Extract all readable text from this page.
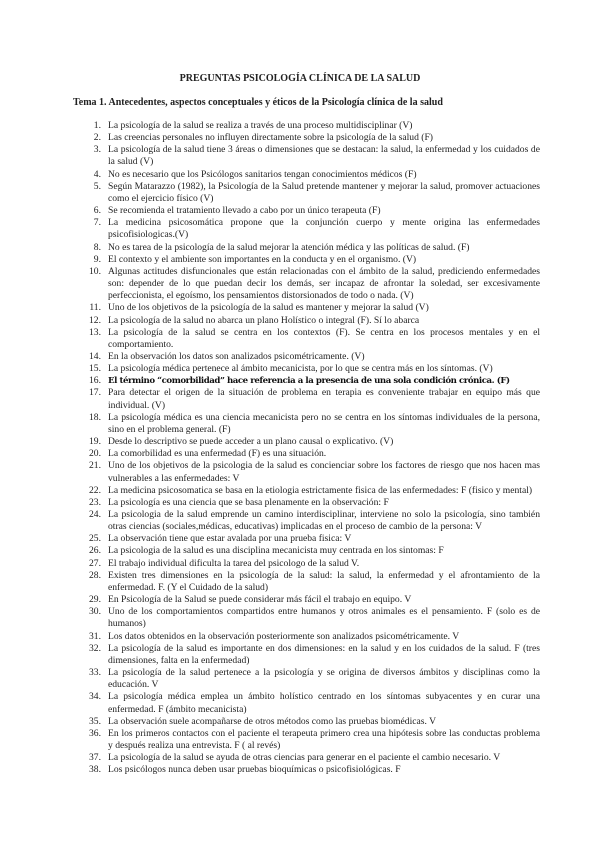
PREGUNTAS PSICOLOGÍA CLÍNICA DE LA SALUD
Tema 1. Antecedentes, aspectos conceptuales y éticos de la Psicología clínica de la salud
1. La psicología de la salud se realiza a través de una proceso multidisciplinar (V)
2. Las creencias personales no influyen directamente sobre la psicología de la salud (F)
3. La psicología de la salud tiene 3 áreas o dimensiones que se destacan: la salud, la enfermedad y los cuidados de la salud (V)
4. No es necesario que los Psicólogos sanitarios tengan conocimientos médicos (F)
5. Según Matarazzo (1982), la Psicología de la Salud pretende mantener y mejorar la salud, promover actuaciones como el ejercicio físico (V)
6. Se recomienda el tratamiento llevado a cabo por un único terapeuta (F)
7. La medicina psicosomática propone que la conjunción cuerpo y mente origina las enfermedades psicofisiologicas.(V)
8. No es tarea de la psicología de la salud mejorar la atención médica y las políticas de salud. (F)
9. El contexto y el ambiente son importantes en la conducta y en el organismo. (V)
10. Algunas actitudes disfuncionales que están relacionadas con el ámbito de la salud, prediciendo enfermedades son: depender de lo que puedan decir los demás, ser incapaz de afrontar la soledad, ser excesivamente perfeccionista, el egoísmo, los pensamientos distorsionados de todo o nada. (V)
11. Uno de los objetivos de la psicología de la salud es mantener y mejorar la salud (V)
12. La psicología de la salud no abarca un plano Holístico o integral (F). Sí lo abarca
13. La psicología de la salud se centra en los contextos (F). Se centra en los procesos mentales y en el comportamiento.
14. En la observación los datos son analizados psicométricamente. (V)
15. La psicología médica pertenece al ámbito mecanicista, por lo que se centra más en los síntomas. (V)
16. El término “comorbilidad” hace referencia a la presencia de una sola condición crónica. (F)
17. Para detectar el origen de la situación de problema en terapia es conveniente trabajar en equipo más que individual. (V)
18. La psicología médica es una ciencia mecanicista pero no se centra en los síntomas individuales de la persona, sino en el problema general. (F)
19. Desde lo descriptivo se puede acceder a un plano causal o explicativo. (V)
20. La comorbilidad es una enfermedad (F) es una situación.
21. Uno de los objetivos de la psicologia de la salud es concienciar sobre los factores de riesgo que nos hacen mas vulnerables a las enfermedades: V
22. La medicina psicosomatica se basa en la etiologia estrictamente fisica de las enfermedades: F (fisico y mental)
23. La psicología es una ciencia que se basa plenamente en la observación: F
24. La psicologia de la salud emprende un camino interdisciplinar, interviene no solo la psicología, sino también otras ciencias (sociales,médicas, educativas) implicadas en el proceso de cambio de la persona: V
25. La observación tiene que estar avalada por una prueba fisica: V
26. La psicologia de la salud es una disciplina mecanicista muy centrada en los sintomas: F
27. El trabajo individual dificulta la tarea del psicologo de la salud V.
28. Existen tres dimensiones en la psicología de la salud: la salud, la enfermedad y el afrontamiento de la enfermedad. F. (Y el Cuidado de la salud)
29. En Psicología de la Salud se puede considerar más fácil el trabajo en equipo. V
30. Uno de los comportamientos compartidos entre humanos y otros animales es el pensamiento. F (solo es de humanos)
31. Los datos obtenidos en la observación posteriormente son analizados psicométricamente. V
32. La psicología de la salud es importante en dos dimensiones: en la salud y en los cuidados de la salud. F (tres dimensiones, falta en la enfermedad)
33. La psicología de la salud pertenece a la psicología y se origina de diversos ámbitos y disciplinas como la educación. V
34. La psicología médica emplea un ámbito holístico centrado en los síntomas subyacentes y en curar una enfermedad. F (ámbito mecanicista)
35. La observación suele acompañarse de otros métodos como las pruebas biomédicas. V
36. En los primeros contactos con el paciente el terapeuta primero crea una hipótesis sobre las conductas problema y después realiza una entrevista. F ( al revés)
37. La psicología de la salud se ayuda de otras ciencias para generar en el paciente el cambio necesario. V
38. Los psicólogos nunca deben usar pruebas bioquímicas o psicofisiológicas. F
